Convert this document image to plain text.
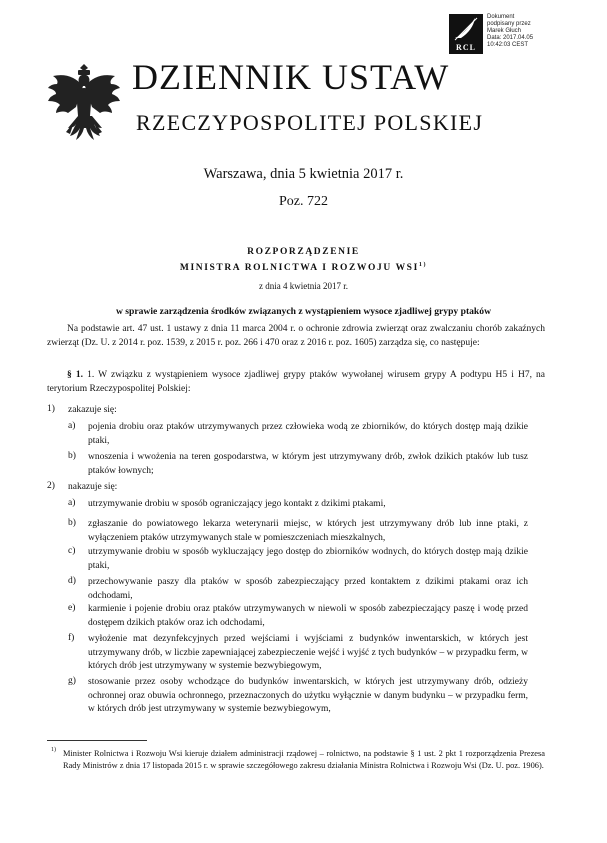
DZIENNIK USTAW
RZECZYPOSPOLITEJ POLSKIEJ
RCL
Dokument
podpisany przez
Marek Głuch
Data: 2017.04.05
10:42:03 CEST
Warszawa, dnia 5 kwietnia 2017 r.
Poz. 722
ROZPORZĄDZENIE
MINISTRA ROLNICTWA I ROZWOJU WSI$^{1)}$
z dnia 4 kwietnia 2017 r.
w sprawie zarządzenia środków związanych z wystąpieniem wysoce zjadliwej grypy ptaków
Na podstawie art. 47 ust. 1 ustawy z dnia 11 marca 2004 r. o ochronie zdrowia zwierząt oraz zwalczaniu chorób zakaźnych zwierząt (Dz. U. z 2014 r. poz. 1539, z 2015 r. poz. 266 i 470 oraz z 2016 r. poz. 1605) zarządza się, co następuje:
§ 1. 1. W związku z wystąpieniem wysoce zjadliwej grypy ptaków wywołanej wirusem grypy A podtypu H5 i H7, na terytorium Rzeczypospolitej Polskiej:
1) zakazuje się:
a) pojenia drobiu oraz ptaków utrzymywanych przez człowieka wodą ze zbiorników, do których dostęp mają dzikie ptaki,
b) wnoszenia i wwożenia na teren gospodarstwa, w którym jest utrzymywany drób, zwłok dzikich ptaków lub tusz ptaków łownych;
2) nakazuje się:
a) utrzymywanie drobiu w sposób ograniczający jego kontakt z dzikimi ptakami,
b) zgłaszanie do powiatowego lekarza weterynarii miejsc, w których jest utrzymywany drób lub inne ptaki, z wyłączeniem ptaków utrzymywanych stale w pomieszczeniach mieszkalnych,
c) utrzymywanie drobiu w sposób wykluczający jego dostęp do zbiorników wodnych, do których dostęp mają dzikie ptaki,
d) przechowywanie paszy dla ptaków w sposób zabezpieczający przed kontaktem z dzikimi ptakami oraz ich odchodami,
e) karmienie i pojenie drobiu oraz ptaków utrzymywanych w niewoli w sposób zabezpieczający paszę i wodę przed dostępem dzikich ptaków oraz ich odchodami,
f) wyłożenie mat dezynfekcyjnych przed wejściami i wyjściami z budynków inwentarskich, w których jest utrzymywany drób, w liczbie zapewniającej zabezpieczenie wejść i wyjść z tych budynków – w przypadku ferm, w których drób jest utrzymywany w systemie bezwybiegowym,
g) stosowanie przez osoby wchodzące do budynków inwentarskich, w których jest utrzymywany drób, odzieży ochronnej oraz obuwia ochronnego, przeznaczonych do użytku wyłącznie w danym budynku – w przypadku ferm, w których drób jest utrzymywany w systemie bezwybiegowym,
1) Minister Rolnictwa i Rozwoju Wsi kieruje działem administracji rządowej – rolnictwo, na podstawie § 1 ust. 2 pkt 1 rozporządzenia Prezesa Rady Ministrów z dnia 17 listopada 2015 r. w sprawie szczegółowego zakresu działania Ministra Rolnictwa i Rozwoju Wsi (Dz. U. poz. 1906).
